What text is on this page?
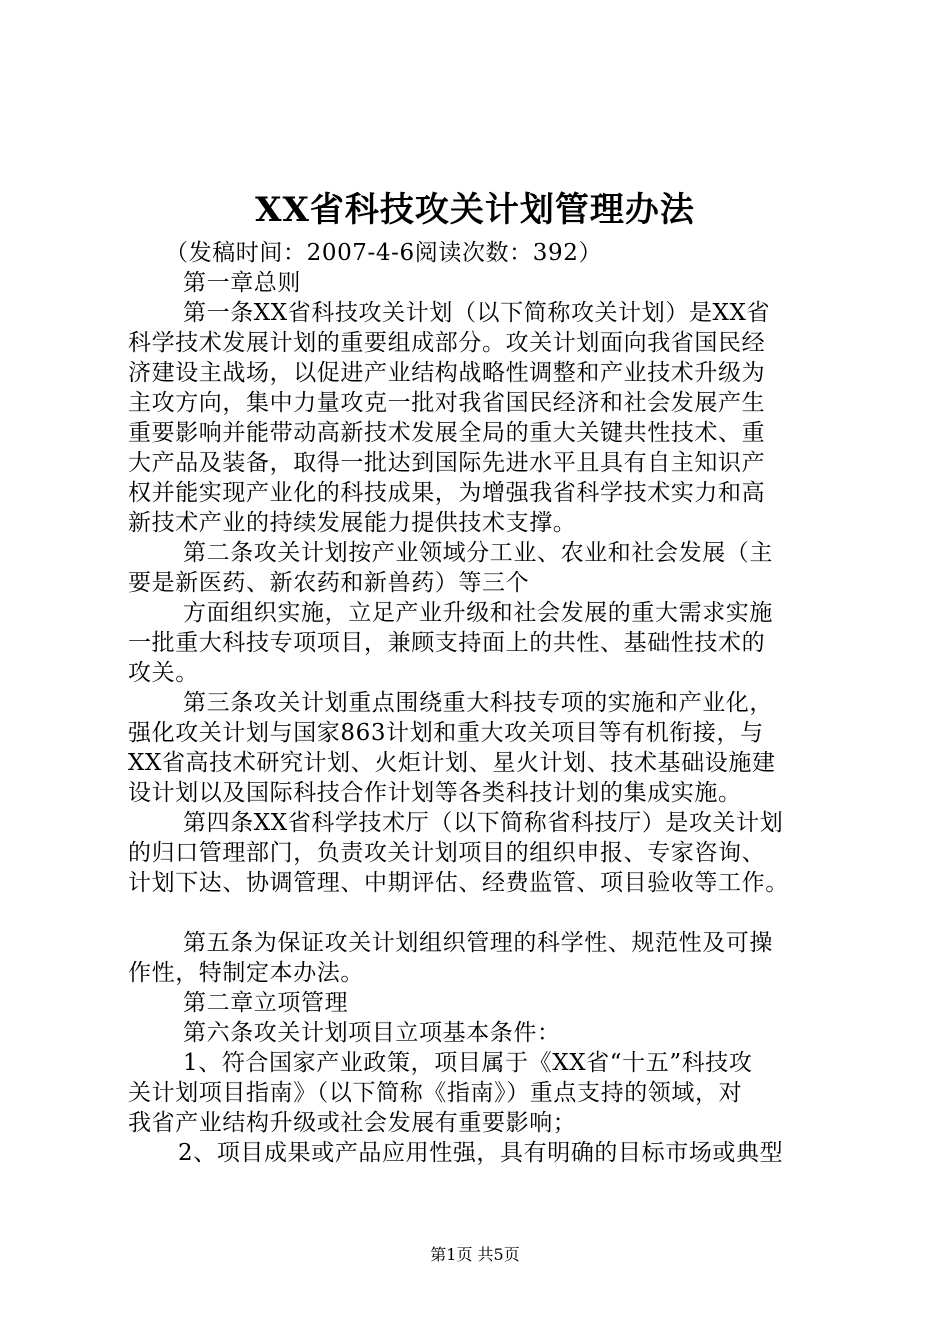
XX省科技攻关计划管理办法
（发稿时间：2007-4-6阅读次数：392）
第一章总则
第一条XX省科技攻关计划（以下简称攻关计划）是XX省
科学技术发展计划的重要组成部分。攻关计划面向我省国民经
济建设主战场，以促进产业结构战略性调整和产业技术升级为
主攻方向，集中力量攻克一批对我省国民经济和社会发展产生
重要影响并能带动高新技术发展全局的重大关键共性技术、重
大产品及装备，取得一批达到国际先进水平且具有自主知识产
权并能实现产业化的科技成果，为增强我省科学技术实力和高
新技术产业的持续发展能力提供技术支撑。
第二条攻关计划按产业领域分工业、农业和社会发展（主
要是新医药、新农药和新兽药）等三个
方面组织实施，立足产业升级和社会发展的重大需求实施
一批重大科技专项项目，兼顾支持面上的共性、基础性技术的
攻关。
第三条攻关计划重点围绕重大科技专项的实施和产业化，
强化攻关计划与国家863计划和重大攻关项目等有机衔接，与
XX省高技术研究计划、火炬计划、星火计划、技术基础设施建
设计划以及国际科技合作计划等各类科技计划的集成实施。
第四条XX省科学技术厅（以下简称省科技厅）是攻关计划
的归口管理部门，负责攻关计划项目的组织申报、专家咨询、
计划下达、协调管理、中期评估、经费监管、项目验收等工作。
第五条为保证攻关计划组织管理的科学性、规范性及可操
作性，特制定本办法。
第二章立项管理
第六条攻关计划项目立项基本条件：
1、符合国家产业政策，项目属于《XX省“十五”科技攻
关计划项目指南》（以下简称《指南》）重点支持的领域，对
我省产业结构升级或社会发展有重要影响；
2、项目成果或产品应用性强，具有明确的目标市场或典型
第1页 共5页
